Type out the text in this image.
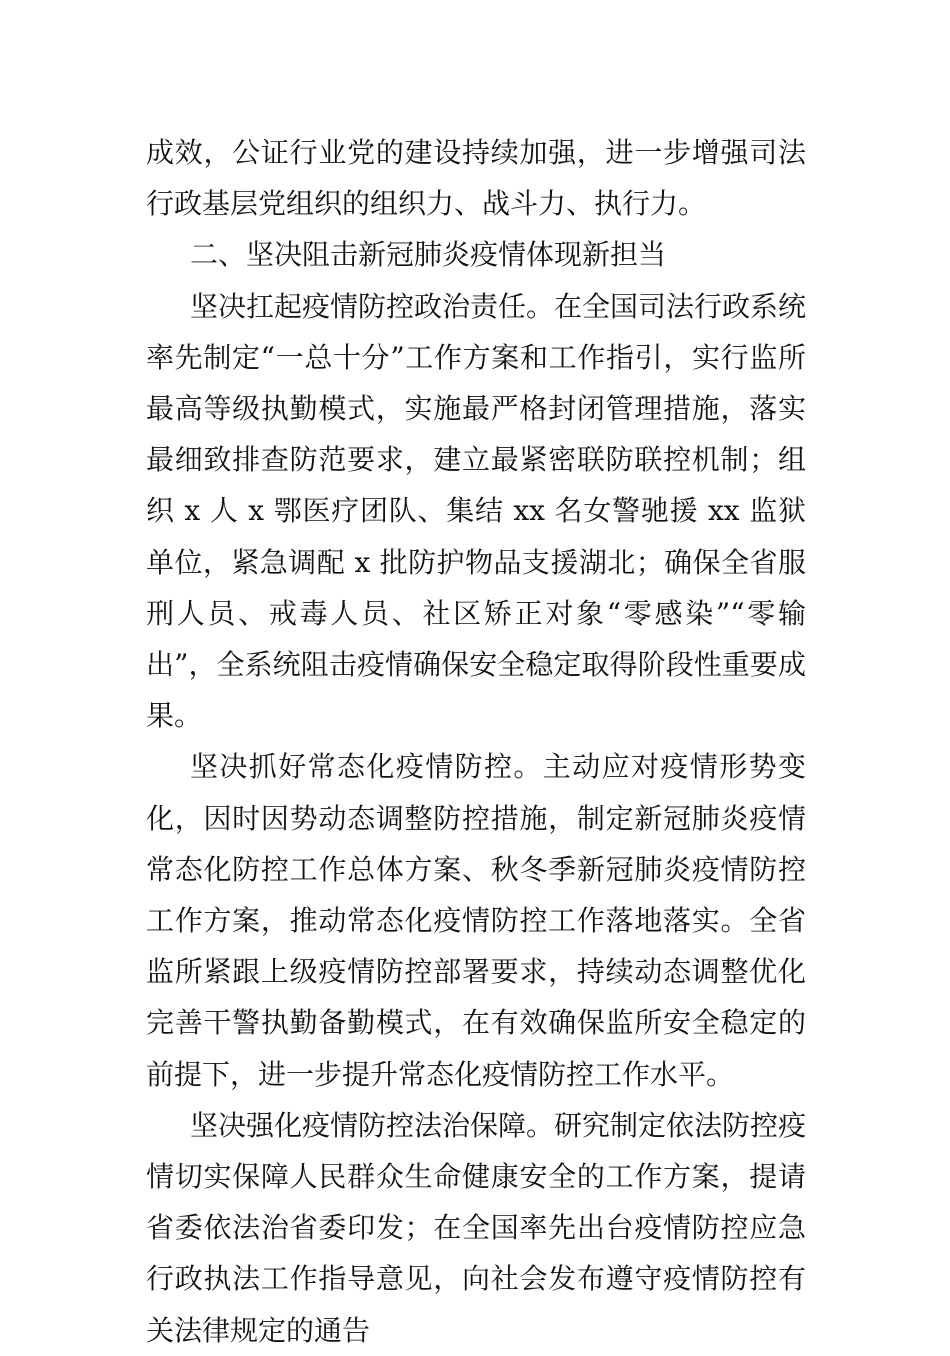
成效，公证行业党的建设持续加强，进一步增强司法行政基层党组织的组织力、战斗力、执行力。

二、坚决阻击新冠肺炎疫情体现新担当

坚决扛起疫情防控政治责任。在全国司法行政系统率先制定“一总十分”工作方案和工作指引，实行监所最高等级执勤模式，实施最严格封闭管理措施，落实最细致排查防范要求，建立最紧密联防联控机制；组织 x 人 x 鄂医疗团队、集结 xx 名女警驰援 xx 监狱单位，紧急调配 x 批防护物品支援湖北；确保全省服刑人员、戒毒人员、社区矫正对象“零感染”“零输出”，全系统阻击疫情确保安全稳定取得阶段性重要成果。

坚决抓好常态化疫情防控。主动应对疫情形势变化，因时因势动态调整防控措施，制定新冠肺炎疫情常态化防控工作总体方案、秋冬季新冠肺炎疫情防控工作方案，推动常态化疫情防控工作落地落实。全省监所紧跟上级疫情防控部署要求，持续动态调整优化完善干警执勤备勤模式，在有效确保监所安全稳定的前提下，进一步提升常态化疫情防控工作水平。

坚决强化疫情防控法治保障。研究制定依法防控疫情切实保障人民群众生命健康安全的工作方案，提请省委依法治省委印发；在全国率先出台疫情防控应急行政执法工作指导意见，向社会发布遵守疫情防控有关法律规定的通告
